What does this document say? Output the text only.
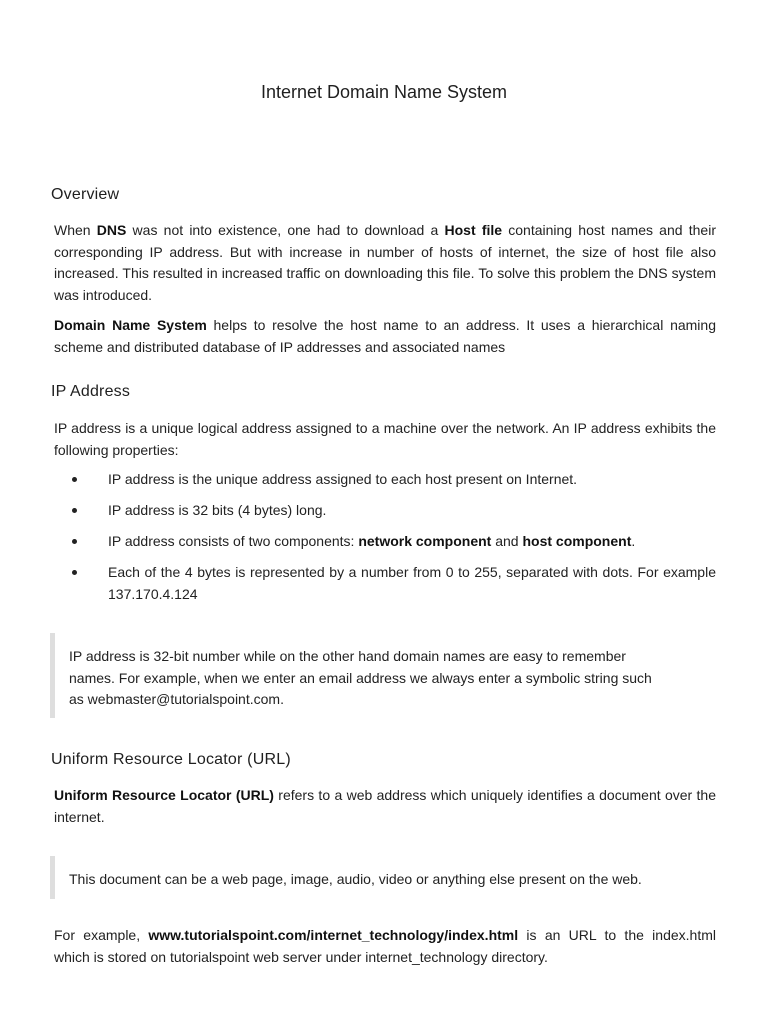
Internet Domain Name System
Overview

When DNS was not into existence, one had to download a Host file containing host names and their corresponding IP address. But with increase in number of hosts of internet, the size of host file also increased. This resulted in increased traffic on downloading this file. To solve this problem the DNS system was introduced.

Domain Name System helps to resolve the host name to an address. It uses a hierarchical naming scheme and distributed database of IP addresses and associated names

IP Address

IP address is a unique logical address assigned to a machine over the network. An IP address exhibits the following properties:

IP address is the unique address assigned to each host present on Internet.
IP address is 32 bits (4 bytes) long.
IP address consists of two components: network component and host component.
Each of the 4 bytes is represented by a number from 0 to 255, separated with dots. For example 137.170.4.124

IP address is 32-bit number while on the other hand domain names are easy to remember

names. For example, when we enter an email address we always enter a symbolic string such

as webmaster@tutorialspoint.com.

Uniform Resource Locator (URL)

Uniform Resource Locator (URL) refers to a web address which uniquely identifies a document over the internet.

This document can be a web page, image, audio, video or anything else present on the web.

For example, www.tutorialspoint.com/internet_technology/index.html is an URL to the index.html which is stored on tutorialspoint web server under internet_technology directory.
